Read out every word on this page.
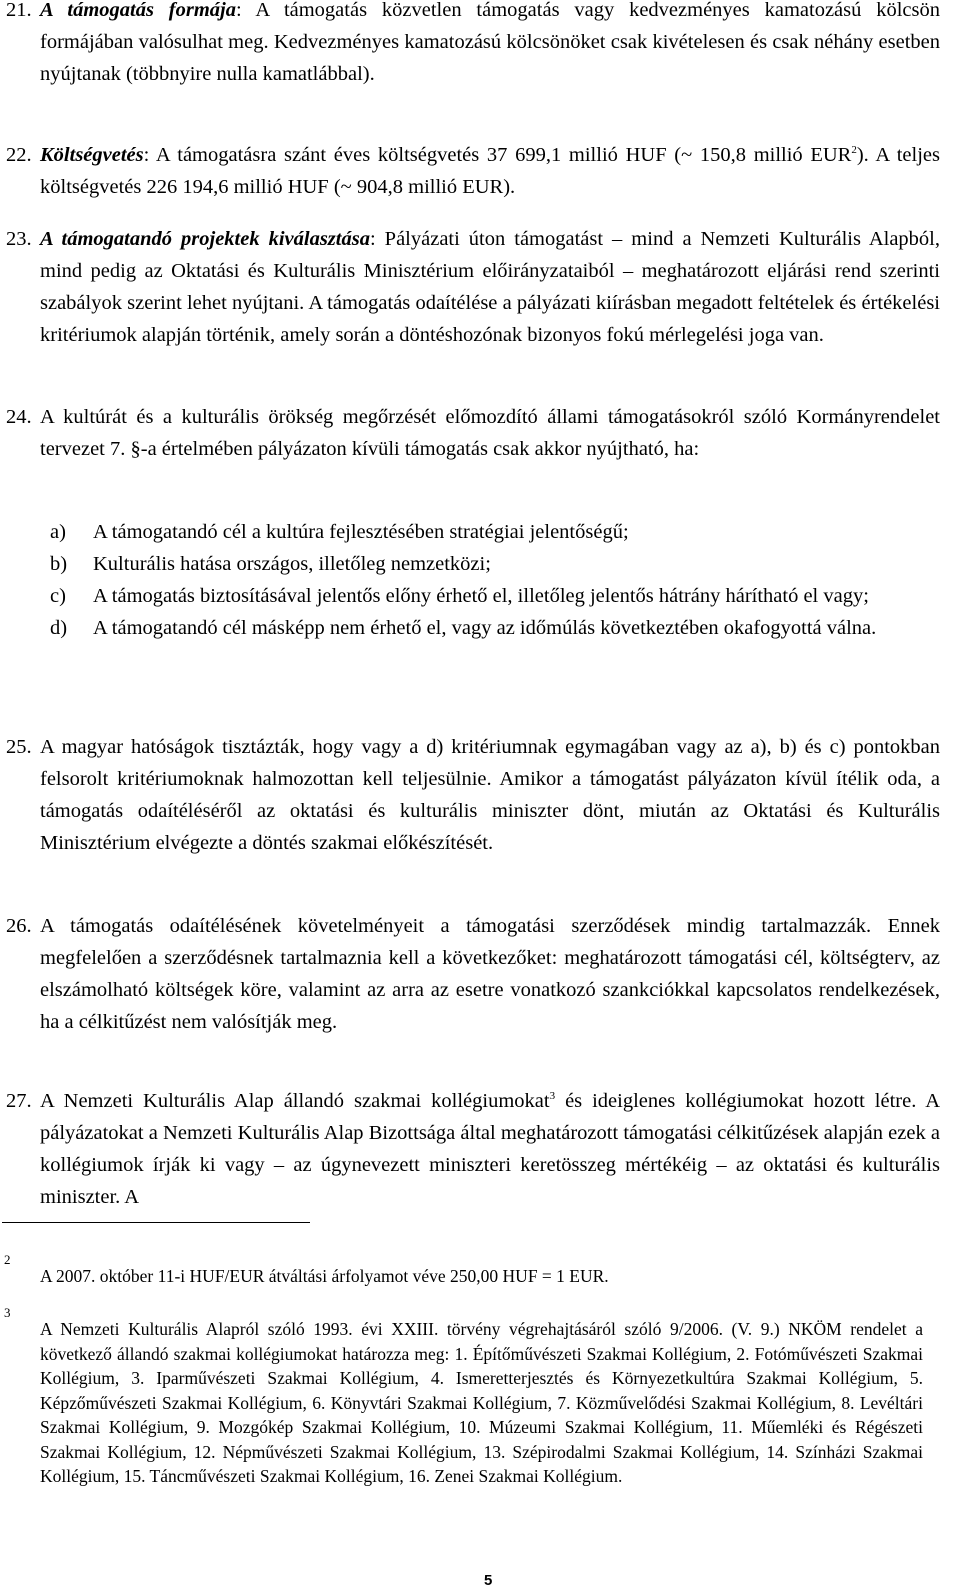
21. A támogatás formája: A támogatás közvetlen támogatás vagy kedvezményes kamatozású kölcsön formájában valósulhat meg. Kedvezményes kamatozású kölcsönöket csak kivételesen és csak néhány esetben nyújtanak (többnyire nulla kamatlábbal).
22. Költségvetés: A támogatásra szánt éves költségvetés 37 699,1 millió HUF (~ 150,8 millió EUR$^2$). A teljes költségvetés 226 194,6 millió HUF (~ 904,8 millió EUR).
23. A támogatandó projektek kiválasztása: Pályázati úton támogatást – mind a Nemzeti Kulturális Alapból, mind pedig az Oktatási és Kulturális Minisztérium előirányzataiból – meghatározott eljárási rend szerinti szabályok szerint lehet nyújtani. A támogatás odaítélése a pályázati kiírásban megadott feltételek és értékelési kritériumok alapján történik, amely során a döntéshozónak bizonyos fokú mérlegelési joga van.
24. A kultúrát és a kulturális örökség megőrzését előmozdító állami támogatásokról szóló Kormányrendelet tervezet 7. §-a értelmében pályázaton kívüli támogatás csak akkor nyújtható, ha:
a) A támogatandó cél a kultúra fejlesztésében stratégiai jelentőségű;
b) Kulturális hatása országos, illetőleg nemzetközi;
c) A támogatás biztosításával jelentős előny érhető el, illetőleg jelentős hátrány hárítható el vagy;
d) A támogatandó cél másképp nem érhető el, vagy az időmúlás következtében okafogyottá válna.
25. A magyar hatóságok tisztázták, hogy vagy a d) kritériumnak egymagában vagy az a), b) és c) pontokban felsorolt kritériumoknak halmozottan kell teljesülnie. Amikor a támogatást pályázaton kívül ítélik oda, a támogatás odaítéléséről az oktatási és kulturális miniszter dönt, miután az Oktatási és Kulturális Minisztérium elvégezte a döntés szakmai előkészítését.
26. A támogatás odaítélésének követelményeit a támogatási szerződések mindig tartalmazzák. Ennek megfelelően a szerződésnek tartalmaznia kell a következőket: meghatározott támogatási cél, költségterv, az elszámolható költségek köre, valamint az arra az esetre vonatkozó szankciókkal kapcsolatos rendelkezések, ha a célkitűzést nem valósítják meg.
27. A Nemzeti Kulturális Alap állandó szakmai kollégiumokat$^3$ és ideiglenes kollégiumokat hozott létre. A pályázatokat a Nemzeti Kulturális Alap Bizottsága által meghatározott támogatási célkitűzések alapján ezek a kollégiumok írják ki vagy – az úgynevezett miniszteri keretösszeg mértékéig – az oktatási és kulturális miniszter. A
2
A 2007. október 11-i HUF/EUR átváltási árfolyamot véve 250,00 HUF = 1 EUR.
3
A Nemzeti Kulturális Alapról szóló 1993. évi XXIII. törvény végrehajtásáról szóló 9/2006. (V. 9.) NKÖM rendelet a következő állandó szakmai kollégiumokat határozza meg: 1. Építőművészeti Szakmai Kollégium, 2. Fotóművészeti Szakmai Kollégium, 3. Iparművészeti Szakmai Kollégium, 4. Ismeretterjesztés és Környezetkultúra Szakmai Kollégium, 5. Képzőművészeti Szakmai Kollégium, 6. Könyvtári Szakmai Kollégium, 7. Közművelődési Szakmai Kollégium, 8. Levéltári Szakmai Kollégium, 9. Mozgókép Szakmai Kollégium, 10. Múzeumi Szakmai Kollégium, 11. Műemléki és Régészeti Szakmai Kollégium, 12. Népművészeti Szakmai Kollégium, 13. Szépirodalmi Szakmai Kollégium, 14. Színházi Szakmai Kollégium, 15. Táncművészeti Szakmai Kollégium, 16. Zenei Szakmai Kollégium.
5
